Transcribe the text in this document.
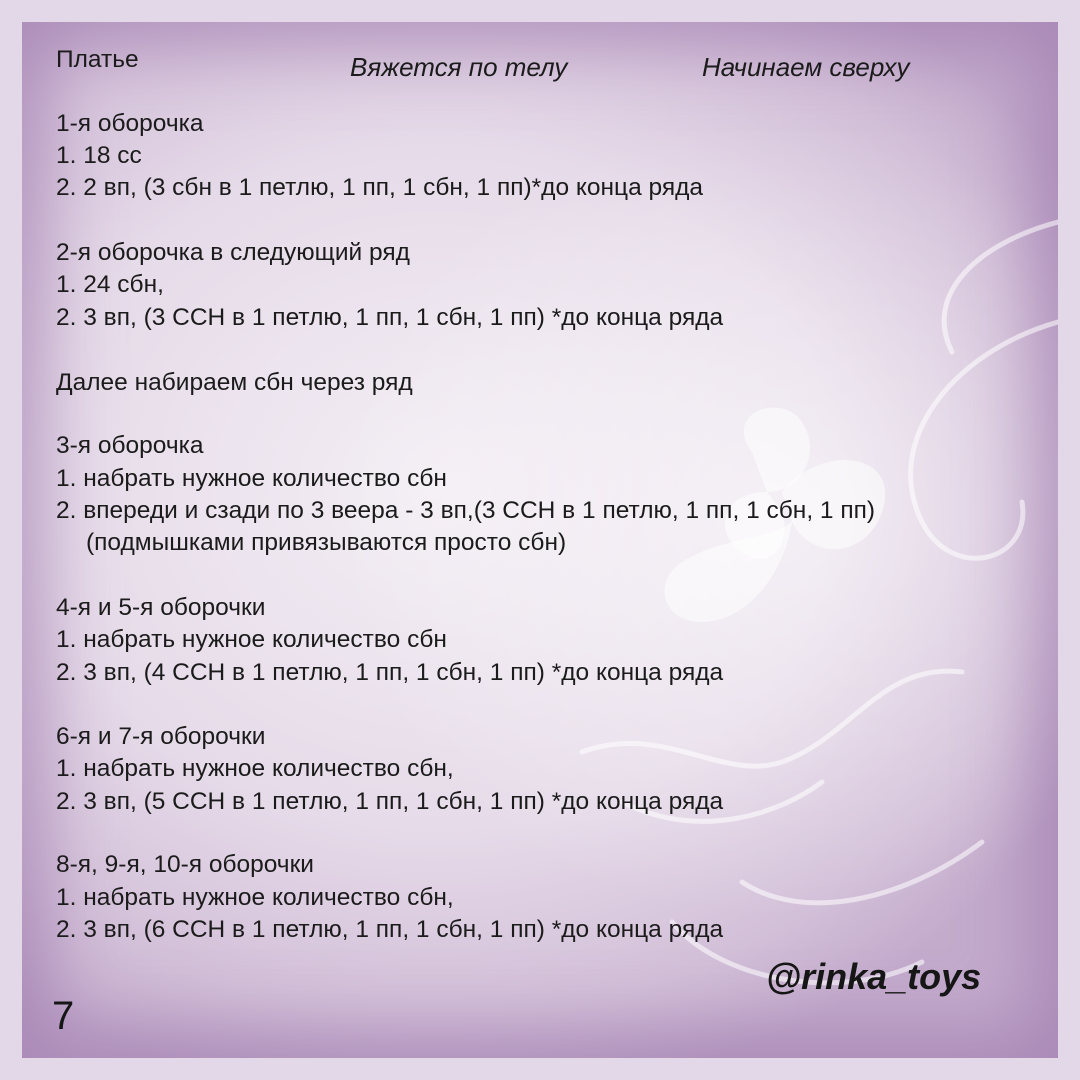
Платье	Вяжется по телу	Начинаем сверху
1-я оборочка
1. 18 сс
2. 2 вп, (3 сбн в 1 петлю, 1 пп, 1 сбн, 1 пп)*до конца ряда
2-я оборочка в следующий ряд
1. 24 сбн,
2. 3 вп, (3 ССН в 1 петлю, 1 пп, 1 сбн, 1 пп) *до конца ряда
Далее набираем сбн через ряд
3-я оборочка
1. набрать нужное количество сбн
2. впереди и сзади по 3 веера - 3 вп,(3 ССН в 1 петлю, 1 пп, 1 сбн, 1 пп)
(подмышками привязываются просто сбн)
4-я и 5-я оборочки
1. набрать нужное количество сбн
2. 3 вп, (4 ССН в 1 петлю, 1 пп, 1 сбн, 1 пп) *до конца ряда
6-я и 7-я оборочки
1. набрать нужное количество сбн,
2. 3 вп, (5 ССН в 1 петлю, 1 пп, 1 сбн, 1 пп) *до конца ряда
8-я, 9-я, 10-я оборочки
1. набрать нужное количество сбн,
2. 3 вп, (6 ССН в 1 петлю, 1 пп, 1 сбн, 1 пп) *до конца ряда
@rinka_toys
7
